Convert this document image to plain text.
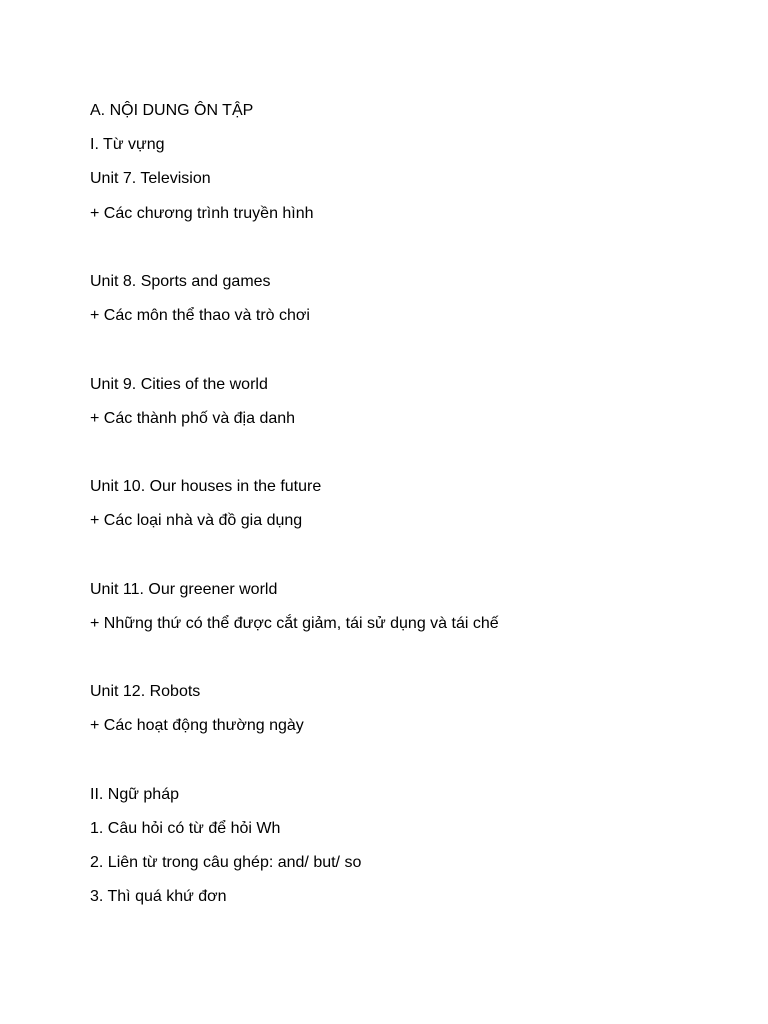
A. NỘI DUNG ÔN TẬP
I. Từ vựng
Unit 7. Television
+ Các chương trình truyền hình
Unit 8. Sports and games
+ Các môn thể thao và trò chơi
Unit 9. Cities of the world
+ Các thành phố và địa danh
Unit 10. Our houses in the future
+ Các loại nhà và đồ gia dụng
Unit 11. Our greener world
+ Những thứ có thể được cắt giảm, tái sử dụng và tái chế
Unit 12. Robots
+ Các hoạt động thường ngày
II. Ngữ pháp
1. Câu hỏi có từ để hỏi Wh
2. Liên từ trong câu ghép: and/ but/ so
3. Thì quá khứ đơn
